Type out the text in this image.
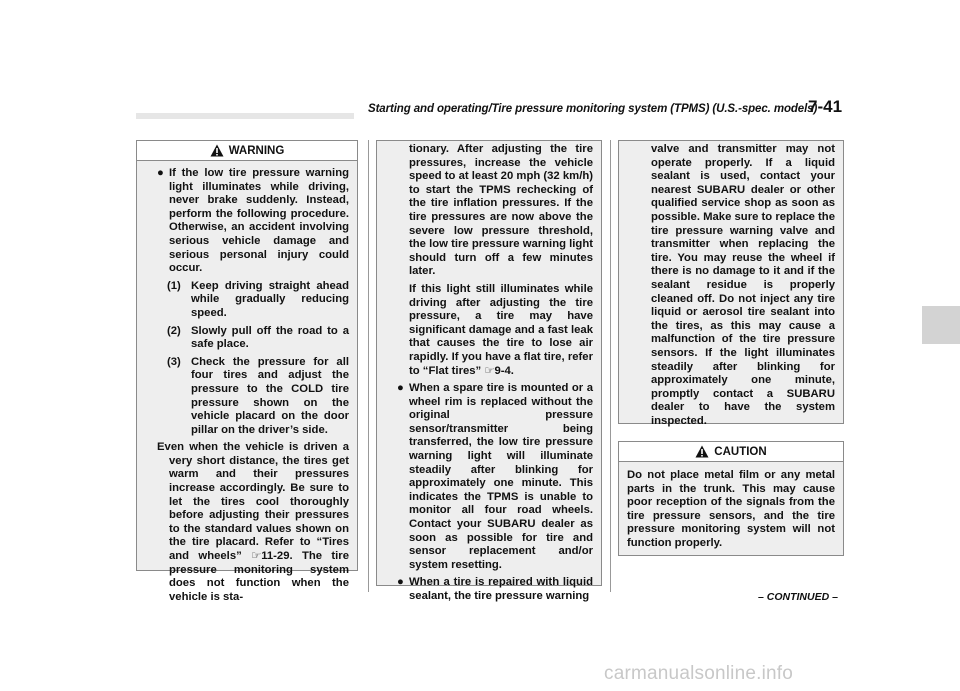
Starting and operating/Tire pressure monitoring system (TPMS) (U.S.-spec. models)
7-41
WARNING

● If the low tire pressure warning light illuminates while driving, never brake suddenly. Instead, perform the following procedure. Otherwise, an accident involving serious vehicle damage and serious personal injury could occur.

(1) Keep driving straight ahead while gradually reducing speed.

(2) Slowly pull off the road to a safe place.

(3) Check the pressure for all four tires and adjust the pressure to the COLD tire pressure shown on the vehicle placard on the door pillar on the driver’s side.

Even when the vehicle is driven a very short distance, the tires get warm and their pressures increase accordingly. Be sure to let the tires cool thoroughly before adjusting their pressures to the standard values shown on the tire placard. Refer to “Tires and wheels” ☞11-29. The tire pressure monitoring system does not function when the vehicle is sta-

tionary. After adjusting the tire pressures, increase the vehicle speed to at least 20 mph (32 km/h) to start the TPMS rechecking of the tire inflation pressures. If the tire pressures are now above the severe low pressure threshold, the low tire pressure warning light should turn off a few minutes later.

If this light still illuminates while driving after adjusting the tire pressure, a tire may have significant damage and a fast leak that causes the tire to lose air rapidly. If you have a flat tire, refer to “Flat tires” ☞9-4.

● When a spare tire is mounted or a wheel rim is replaced without the original pressure sensor/transmitter being transferred, the low tire pressure warning light will illuminate steadily after blinking for approximately one minute. This indicates the TPMS is unable to monitor all four road wheels. Contact your SUBARU dealer as soon as possible for tire and sensor replacement and/or system resetting.

● When a tire is repaired with liquid sealant, the tire pressure warning

valve and transmitter may not operate properly. If a liquid sealant is used, contact your nearest SUBARU dealer or other qualified service shop as soon as possible. Make sure to replace the tire pressure warning valve and transmitter when replacing the tire. You may reuse the wheel if there is no damage to it and if the sealant residue is properly cleaned off. Do not inject any tire liquid or aerosol tire sealant into the tires, as this may cause a malfunction of the tire pressure sensors. If the light illuminates steadily after blinking for approximately one minute, promptly contact a SUBARU dealer to have the system inspected.

CAUTION

Do not place metal film or any metal parts in the trunk. This may cause poor reception of the signals from the tire pressure sensors, and the tire pressure monitoring system will not function properly.

– CONTINUED –
carmanualsonline.info
